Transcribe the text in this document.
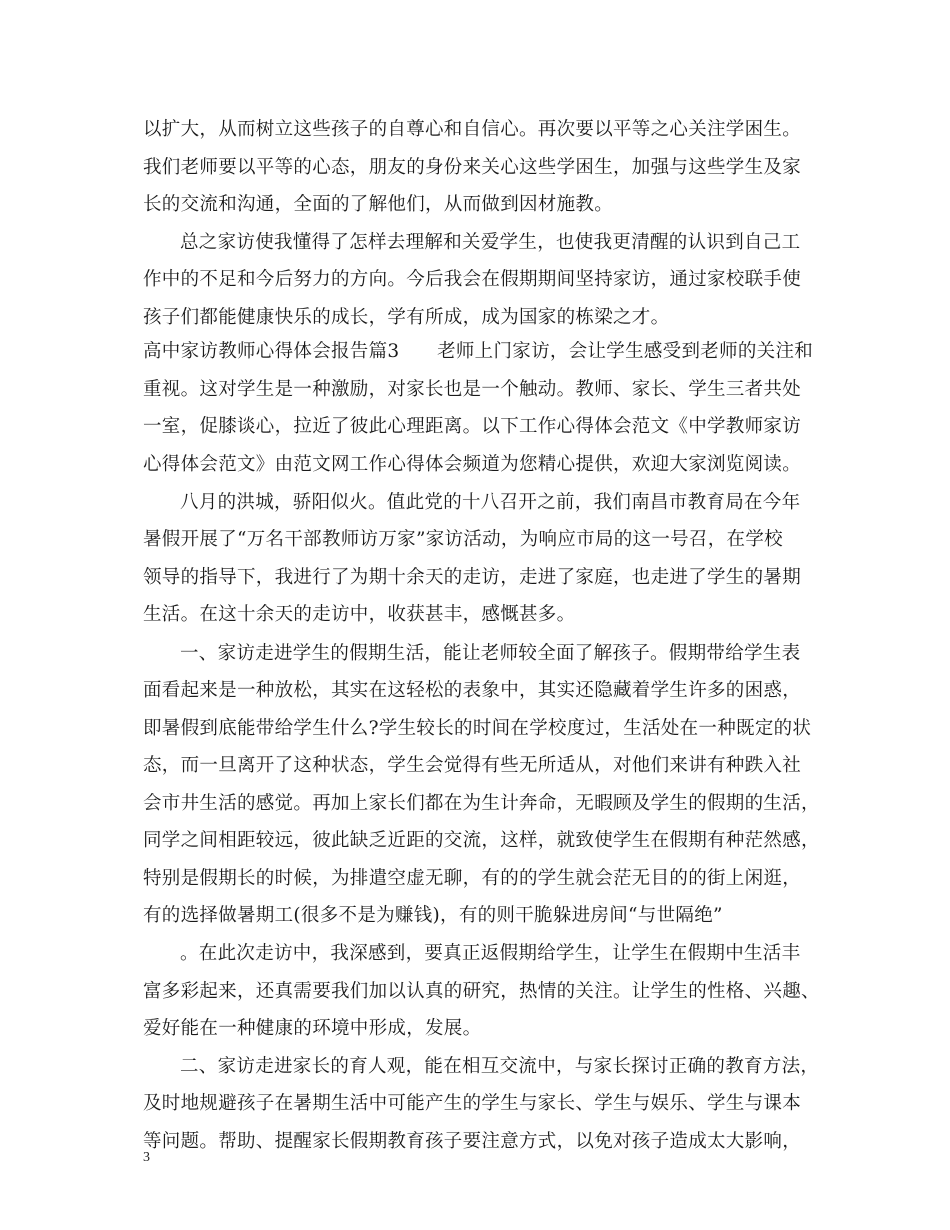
以扩大，从而树立这些孩子的自尊心和自信心。再次要以平等之心关注学困生。
我们老师要以平等的心态，朋友的身份来关心这些学困生，加强与这些学生及家
长的交流和沟通，全面的了解他们，从而做到因材施教。
总之家访使我懂得了怎样去理解和关爱学生，也使我更清醒的认识到自己工
作中的不足和今后努力的方向。今后我会在假期期间坚持家访，通过家校联手使
孩子们都能健康快乐的成长，学有所成，成为国家的栋梁之才。
高中家访教师心得体会报告篇3　　老师上门家访，会让学生感受到老师的关注和
重视。这对学生是一种激励，对家长也是一个触动。教师、家长、学生三者共处
一室，促膝谈心，拉近了彼此心理距离。以下工作心得体会范文《中学教师家访
心得体会范文》由范文网工作心得体会频道为您精心提供，欢迎大家浏览阅读。
八月的洪城，骄阳似火。值此党的十八召开之前，我们南昌市教育局在今年
暑假开展了“万名干部教师访万家”家访活动，为响应市局的这一号召，在学校
领导的指导下，我进行了为期十余天的走访，走进了家庭，也走进了学生的暑期
生活。在这十余天的走访中，收获甚丰，感慨甚多。
一、家访走进学生的假期生活，能让老师较全面了解孩子。假期带给学生表
面看起来是一种放松，其实在这轻松的表象中，其实还隐藏着学生许多的困惑，
即暑假到底能带给学生什么?学生较长的时间在学校度过，生活处在一种既定的状
态，而一旦离开了这种状态，学生会觉得有些无所适从，对他们来讲有种跌入社
会市井生活的感觉。再加上家长们都在为生计奔命，无暇顾及学生的假期的生活，
同学之间相距较远，彼此缺乏近距的交流，这样，就致使学生在假期有种茫然感，
特别是假期长的时候，为排遣空虚无聊，有的的学生就会茫无目的的街上闲逛，
有的选择做暑期工(很多不是为赚钱)，有的则干脆躲进房间“与世隔绝”
。在此次走访中，我深感到，要真正返假期给学生，让学生在假期中生活丰
富多彩起来，还真需要我们加以认真的研究，热情的关注。让学生的性格、兴趣、
爱好能在一种健康的环境中形成，发展。
二、家访走进家长的育人观，能在相互交流中，与家长探讨正确的教育方法，
及时地规避孩子在暑期生活中可能产生的学生与家长、学生与娱乐、学生与课本
等问题。帮助、提醒家长假期教育孩子要注意方式，以免对孩子造成太大影响，
3
